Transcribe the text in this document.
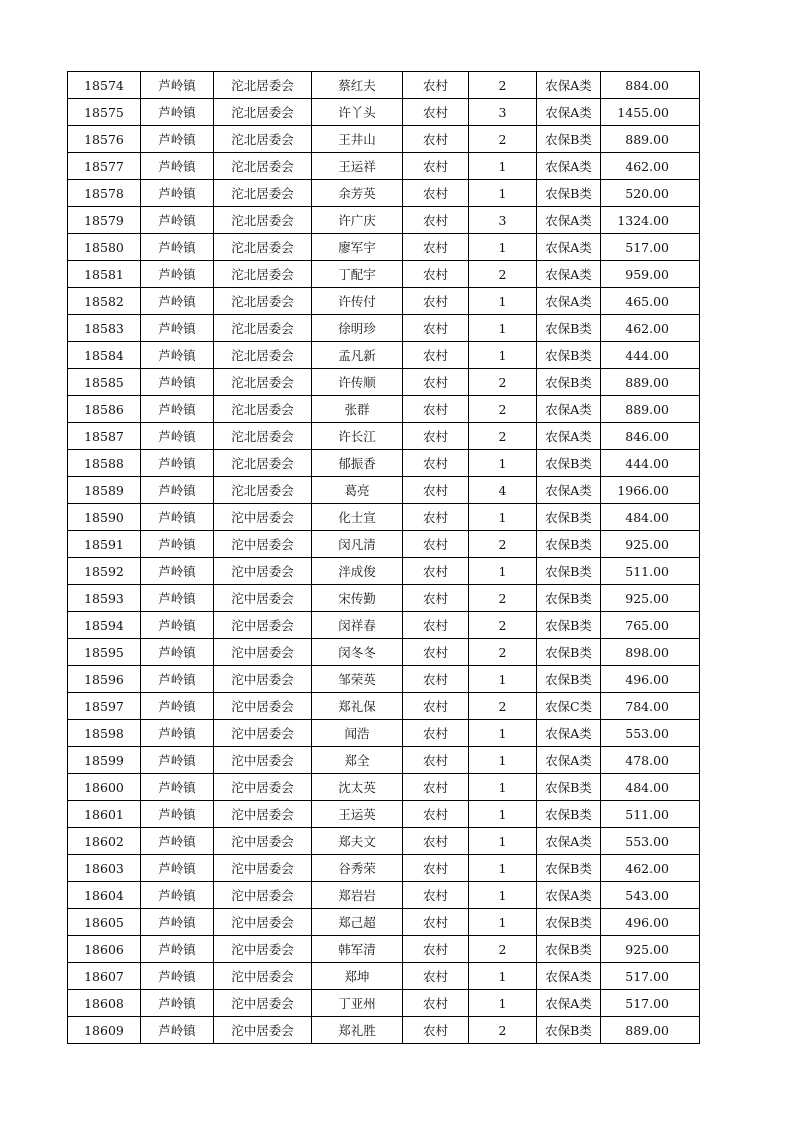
18574	芦岭镇	沱北居委会	蔡红夫	农村	2	农保A类	884.00
18575	芦岭镇	沱北居委会	许丫头	农村	3	农保A类	1455.00
18576	芦岭镇	沱北居委会	王井山	农村	2	农保B类	889.00
18577	芦岭镇	沱北居委会	王运祥	农村	1	农保A类	462.00
18578	芦岭镇	沱北居委会	余芳英	农村	1	农保B类	520.00
18579	芦岭镇	沱北居委会	许广庆	农村	3	农保A类	1324.00
18580	芦岭镇	沱北居委会	廖军宇	农村	1	农保A类	517.00
18581	芦岭镇	沱北居委会	丁配宇	农村	2	农保A类	959.00
18582	芦岭镇	沱北居委会	许传付	农村	1	农保A类	465.00
18583	芦岭镇	沱北居委会	徐明珍	农村	1	农保B类	462.00
18584	芦岭镇	沱北居委会	孟凡新	农村	1	农保B类	444.00
18585	芦岭镇	沱北居委会	许传顺	农村	2	农保B类	889.00
18586	芦岭镇	沱北居委会	张群	农村	2	农保A类	889.00
18587	芦岭镇	沱北居委会	许长江	农村	2	农保A类	846.00
18588	芦岭镇	沱北居委会	郁振香	农村	1	农保B类	444.00
18589	芦岭镇	沱北居委会	葛亮	农村	4	农保A类	1966.00
18590	芦岭镇	沱中居委会	化士宣	农村	1	农保B类	484.00
18591	芦岭镇	沱中居委会	闵凡清	农村	2	农保B类	925.00
18592	芦岭镇	沱中居委会	泮成俊	农村	1	农保B类	511.00
18593	芦岭镇	沱中居委会	宋传勤	农村	2	农保B类	925.00
18594	芦岭镇	沱中居委会	闵祥春	农村	2	农保B类	765.00
18595	芦岭镇	沱中居委会	闵冬冬	农村	2	农保B类	898.00
18596	芦岭镇	沱中居委会	邹荣英	农村	1	农保B类	496.00
18597	芦岭镇	沱中居委会	郑礼保	农村	2	农保C类	784.00
18598	芦岭镇	沱中居委会	闻浩	农村	1	农保A类	553.00
18599	芦岭镇	沱中居委会	郑全	农村	1	农保A类	478.00
18600	芦岭镇	沱中居委会	沈太英	农村	1	农保B类	484.00
18601	芦岭镇	沱中居委会	王运英	农村	1	农保B类	511.00
18602	芦岭镇	沱中居委会	郑夫文	农村	1	农保A类	553.00
18603	芦岭镇	沱中居委会	谷秀荣	农村	1	农保B类	462.00
18604	芦岭镇	沱中居委会	郑岩岩	农村	1	农保A类	543.00
18605	芦岭镇	沱中居委会	郑己超	农村	1	农保B类	496.00
18606	芦岭镇	沱中居委会	韩军清	农村	2	农保B类	925.00
18607	芦岭镇	沱中居委会	郑坤	农村	1	农保A类	517.00
18608	芦岭镇	沱中居委会	丁亚州	农村	1	农保A类	517.00
18609	芦岭镇	沱中居委会	郑礼胜	农村	2	农保B类	889.00
